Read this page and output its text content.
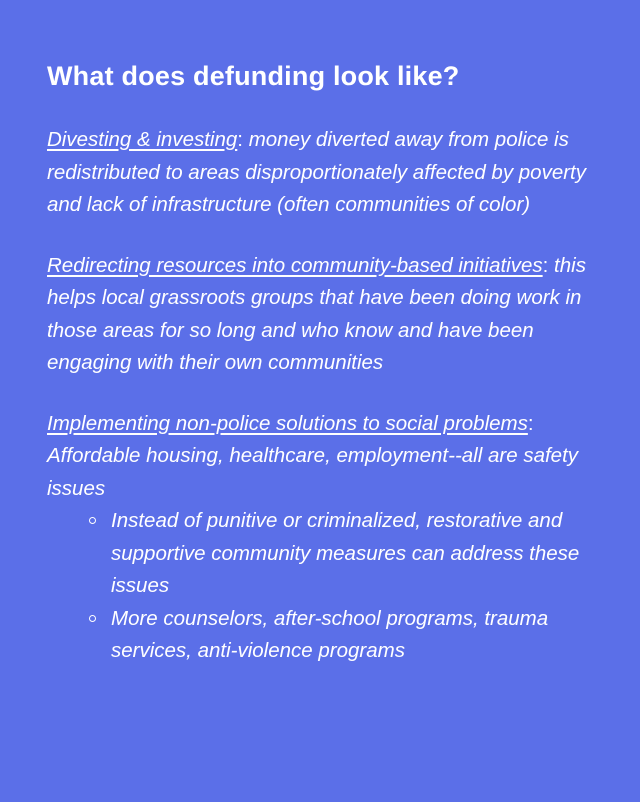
What does defunding look like?
Divesting & investing: money diverted away from police is redistributed to areas disproportionately affected by poverty and lack of infrastructure (often communities of color)
Redirecting resources into community-based initiatives: this helps local grassroots groups that have been doing work in those areas for so long and who know and have been engaging with their own communities
Implementing non-police solutions to social problems: Affordable housing, healthcare, employment--all are safety issues
Instead of punitive or criminalized, restorative and supportive community measures can address these issues
More counselors, after-school programs, trauma services, anti-violence programs
